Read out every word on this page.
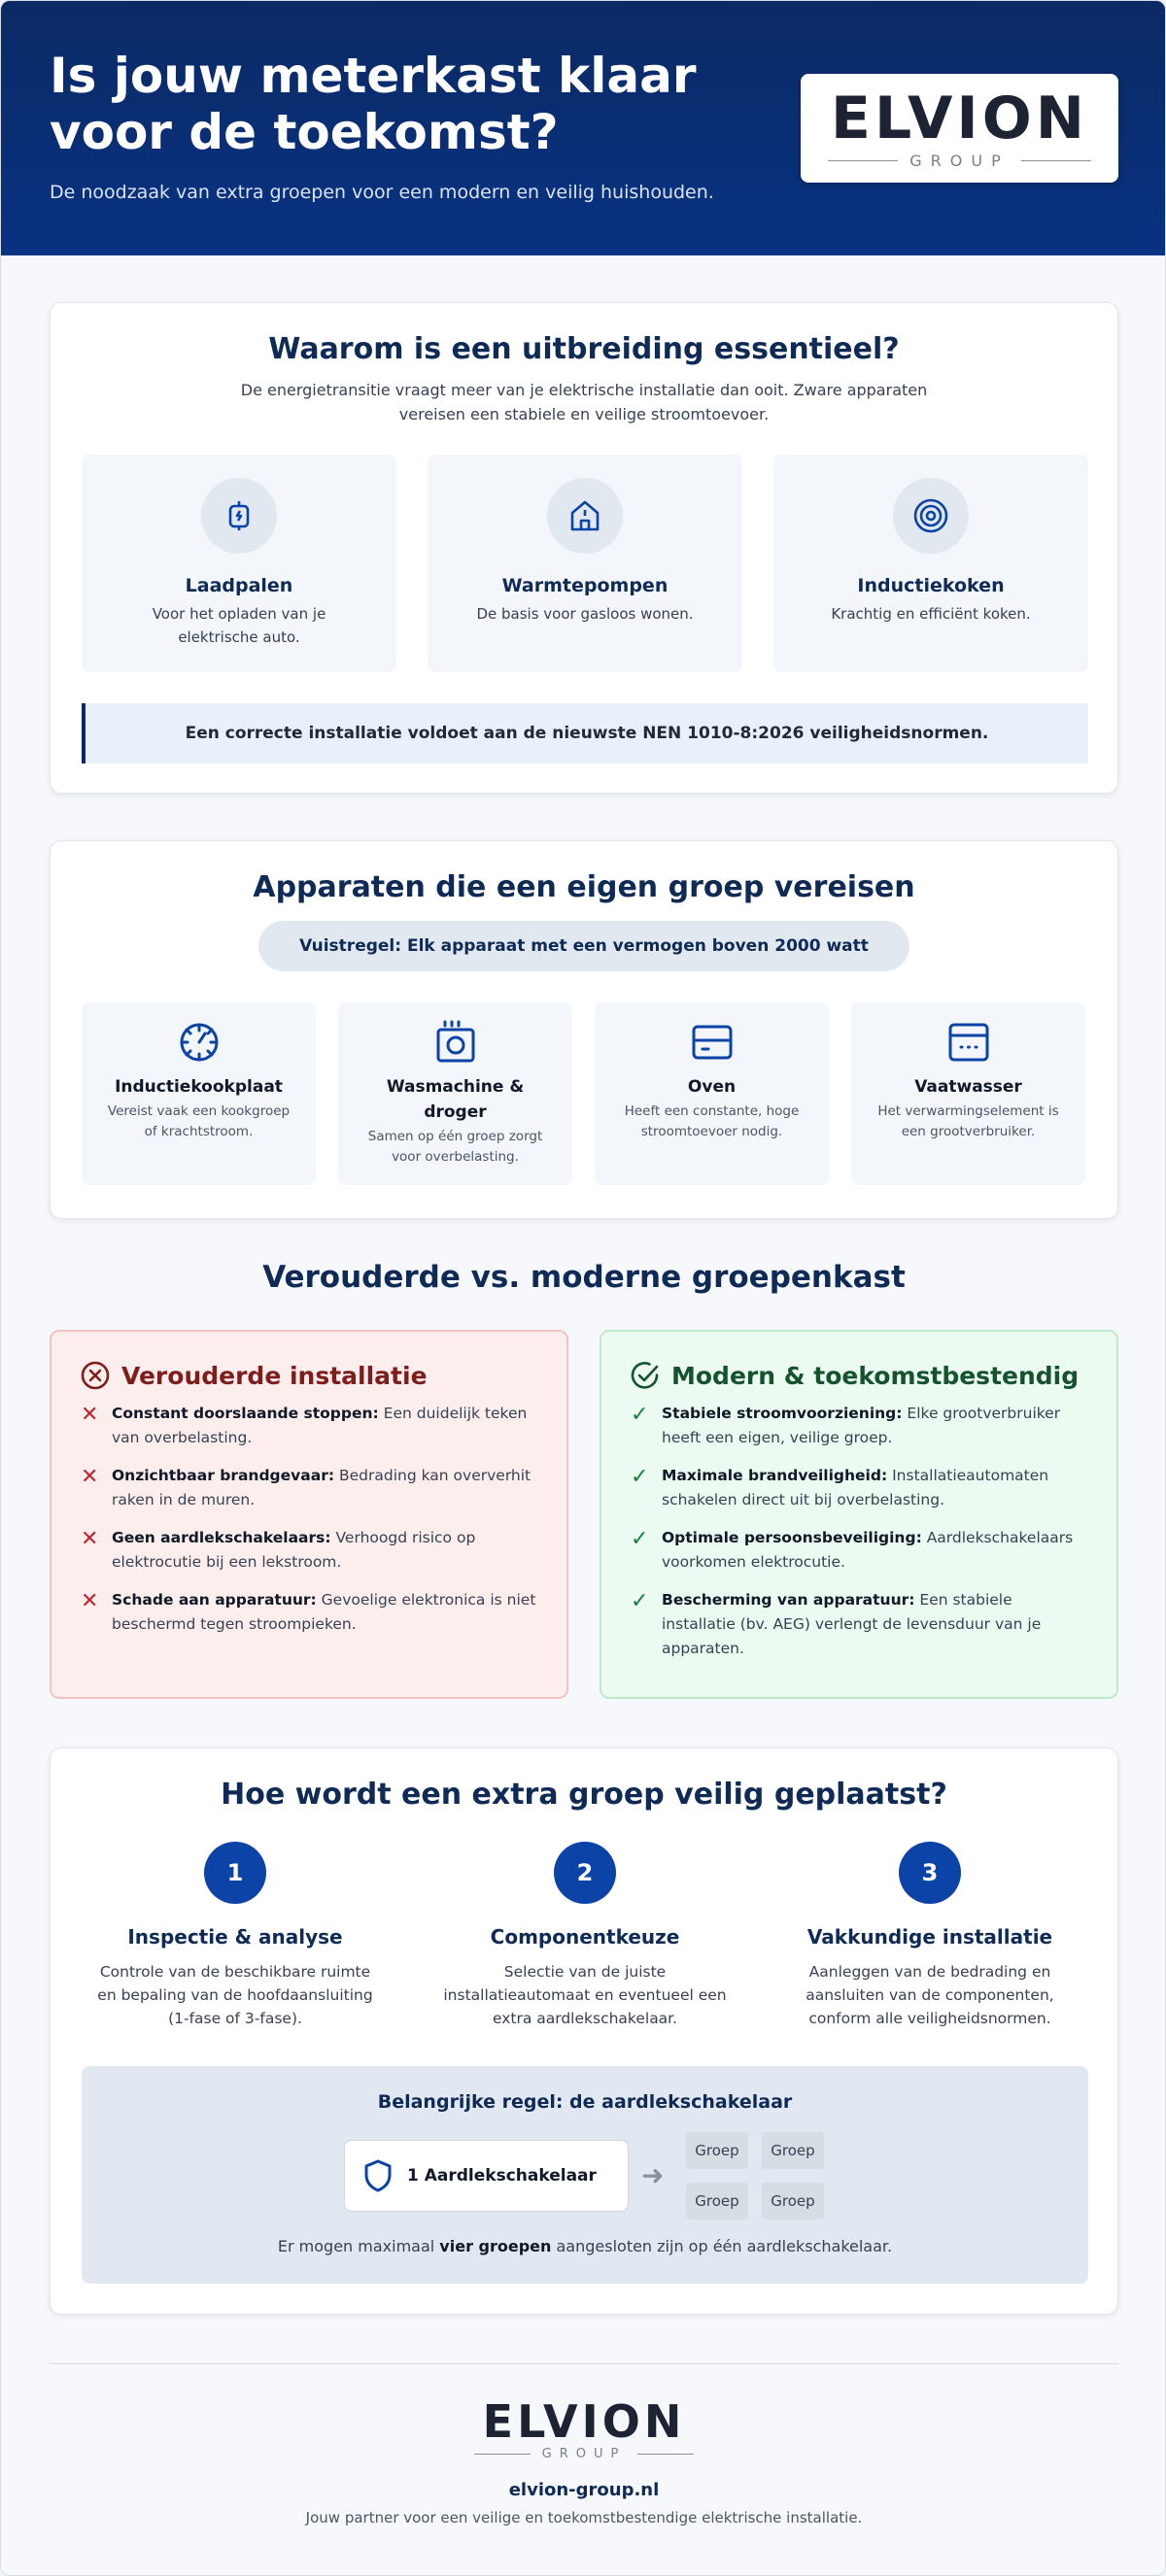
Is jouw meterkast klaar voor de toekomst?

De noodzaak van extra groepen voor een modern en veilig huishouden.

ELVION
GROUP
Waarom is een uitbreiding essentieel?

De energietransitie vraagt meer van je elektrische installatie dan ooit. Zware apparaten vereisen een stabiele en veilige stroomtoevoer.

Laadpalen
Voor het opladen van je elektrische auto.
Warmtepompen
De basis voor gasloos wonen.
Inductiekoken
Krachtig en efficiënt koken.
Een correcte installatie voldoet aan de nieuwste NEN 1010-8:2026 veiligheidsnormen.
Apparaten die een eigen groep vereisen
Vuistregel: Elk apparaat met een vermogen boven 2000 watt
Inductiekookplaat
Vereist vaak een kookgroep of krachtstroom.
Wasmachine & droger
Samen op één groep zorgt voor overbelasting.
Oven
Heeft een constante, hoge stroomtoevoer nodig.
Vaatwasser
Het verwarmingselement is een grootverbruiker.
Verouderde vs. moderne groepenkast
Verouderde installatie
✕ Constant doorslaande stoppen: Een duidelijk teken van overbelasting.
✕ Onzichtbaar brandgevaar: Bedrading kan oververhit raken in de muren.
✕ Geen aardlekschakelaars: Verhoogd risico op elektrocutie bij een lekstroom.
✕ Schade aan apparatuur: Gevoelige elektronica is niet beschermd tegen stroompieken.
Modern & toekomstbestendig
✓ Stabiele stroomvoorziening: Elke grootverbruiker heeft een eigen, veilige groep.
✓ Maximale brandveiligheid: Installatieautomaten schakelen direct uit bij overbelasting.
✓ Optimale persoonsbeveiliging: Aardlekschakelaars voorkomen elektrocutie.
✓ Bescherming van apparatuur: Een stabiele installatie (bv. AEG) verlengt de levensduur van je apparaten.
Hoe wordt een extra groep veilig geplaatst?
1
Inspectie & analyse
Controle van de beschikbare ruimte en bepaling van de hoofdaansluiting (1-fase of 3-fase).
2
Componentkeuze
Selectie van de juiste installatieautomaat en eventueel een extra aardlekschakelaar.
3
Vakkundige installatie
Aanleggen van de bedrading en aansluiten van de componenten, conform alle veiligheidsnormen.
Belangrijke regel: de aardlekschakelaar
1 Aardlekschakelaar ➜
Groep	Groep
Groep	Groep
Er mogen maximaal vier groepen aangesloten zijn op één aardlekschakelaar.
ELVION
GROUP
elvion-group.nl
Jouw partner voor een veilige en toekomstbestendige elektrische installatie.
